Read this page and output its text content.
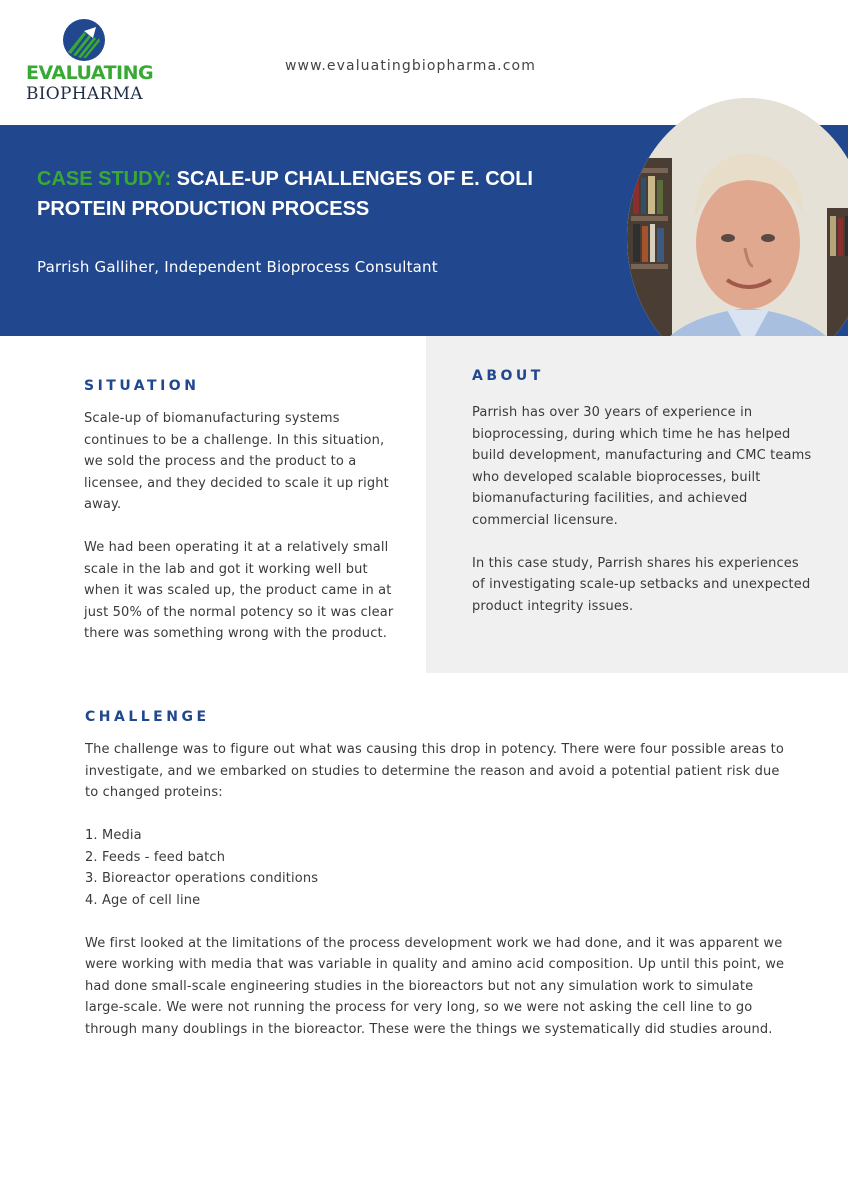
EVALUATING
BIOPHARMA
www.evaluatingbiopharma.com
CASE STUDY: SCALE-UP CHALLENGES OF E. COLI
PROTEIN PRODUCTION PROCESS
Parrish Galliher, Independent Bioprocess Consultant
SITUATION

Scale-up of biomanufacturing systems continues to be a challenge. In this situation, we sold the process and the product to a licensee, and they decided to scale it up right away.

We had been operating it at a relatively small scale in the lab and got it working well but when it was scaled up, the product came in at just 50% of the normal potency so it was clear there was something wrong with the product.

ABOUT

Parrish has over 30 years of experience in bioprocessing, during which time he has helped build development, manufacturing and CMC teams who developed scalable bioprocesses, built biomanufacturing facilities, and achieved commercial licensure.

In this case study, Parrish shares his experiences of investigating scale-up setbacks and unexpected product integrity issues.

CHALLENGE

The challenge was to figure out what was causing this drop in potency. There were four possible areas to investigate, and we embarked on studies to determine the reason and avoid a potential patient risk due to changed proteins:

1. Media
2. Feeds - feed batch
3. Bioreactor operations conditions
4. Age of cell line

We first looked at the limitations of the process development work we had done, and it was apparent we were working with media that was variable in quality and amino acid composition. Up until this point, we had done small-scale engineering studies in the bioreactors but not any simulation work to simulate large-scale. We were not running the process for very long, so we were not asking the cell line to go through many doublings in the bioreactor. These were the things we systematically did studies around.
